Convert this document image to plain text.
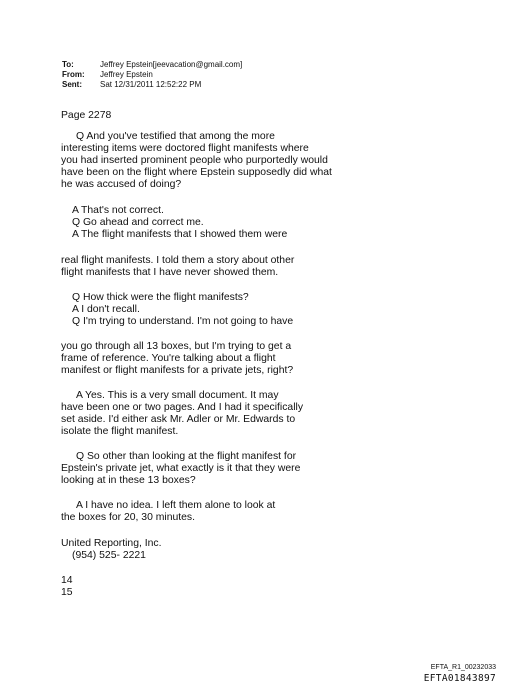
To:	Jeffrey Epstein[jeevacation@gmail.com]
From: Jeffrey Epstein
Sent: Sat 12/31/2011 12:52:22 PM
Page 2278
Q And you've testified that among the more
interesting items were doctored flight manifests where
you had inserted prominent people who purportedly would
have been on the flight where Epstein supposedly did what
he was accused of doing?
A That's not correct.
Q Go ahead and correct me.
A The flight manifests that I showed them were
real flight manifests. I told them a story about other
flight manifests that I have never showed them.
Q How thick were the flight manifests?
A I don't recall.
Q I'm trying to understand. I'm not going to have
you go through all 13 boxes, but I'm trying to get a
frame of reference. You're talking about a flight
manifest or flight manifests for a private jets, right?
A Yes. This is a very small document. It may
have been one or two pages. And I had it specifically
set aside. I'd either ask Mr. Adler or Mr. Edwards to
isolate the flight manifest.
Q So other than looking at the flight manifest for
Epstein's private jet, what exactly is it that they were
looking at in these 13 boxes?
A I have no idea. I left them alone to look at
the boxes for 20, 30 minutes.
United Reporting, Inc.
(954) 525- 2221
14
15
EFTA_R1_00232033
EFTA01843897
